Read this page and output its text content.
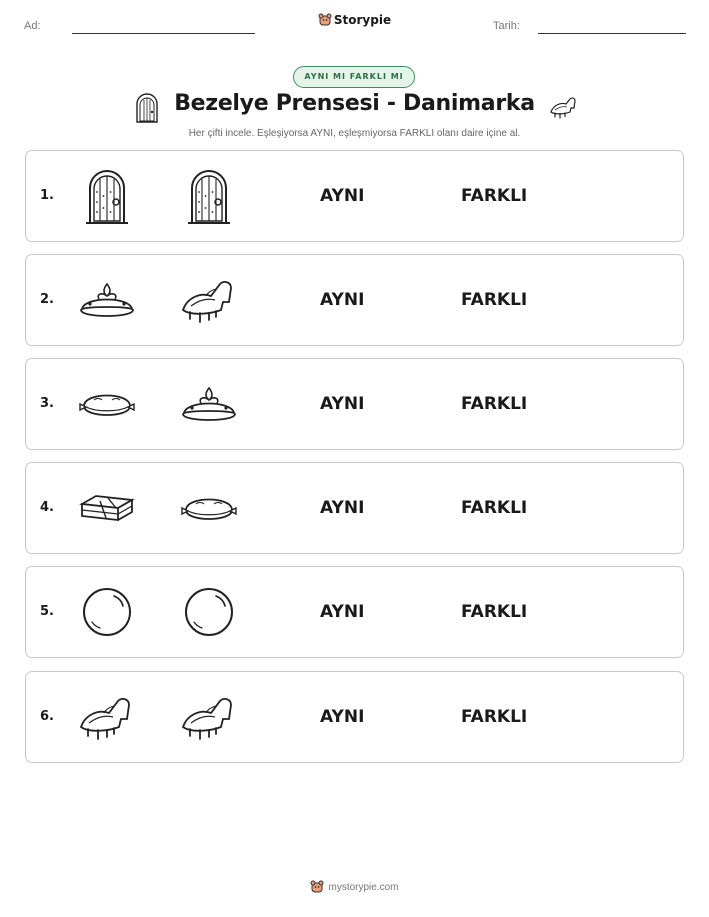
Ad:	Storypie	Tarih:
AYNI MI FARKLI MI
Bezelye Prensesi - Danimarka
Her çifti incele. Eşleşiyorsa AYNI, eşleşmiyorsa FARKLI olanı daire içine al.
1.	AYNI	FARKLI
2.	AYNI	FARKLI
3.	AYNI	FARKLI
4.	AYNI	FARKLI
5.	AYNI	FARKLI
6.	AYNI	FARKLI
mystorypie.com
